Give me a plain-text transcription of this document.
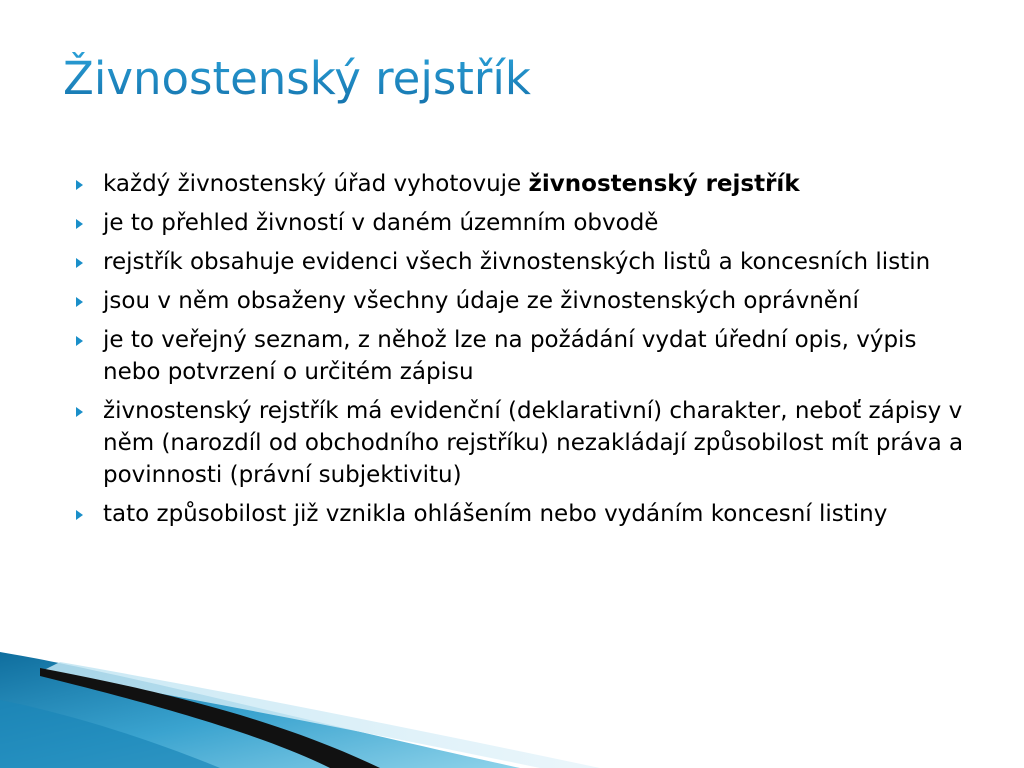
Živnostenský rejstřík
každý živnostenský úřad vyhotovuje živnostenský rejstřík
je to přehled živností v daném územním obvodě
rejstřík obsahuje evidenci všech živnostenských listů a koncesních listin
jsou v něm obsaženy všechny údaje ze živnostenských oprávnění
je to veřejný seznam, z něhož lze na požádání vydat úřední opis, výpis nebo potvrzení o určitém zápisu
živnostenský rejstřík má evidenční (deklarativní) charakter, neboť zápisy v něm (narozdíl od obchodního rejstříku) nezakládají způsobilost mít práva a povinnosti (právní subjektivitu)
tato způsobilost již vznikla ohlášením nebo vydáním koncesní listiny
